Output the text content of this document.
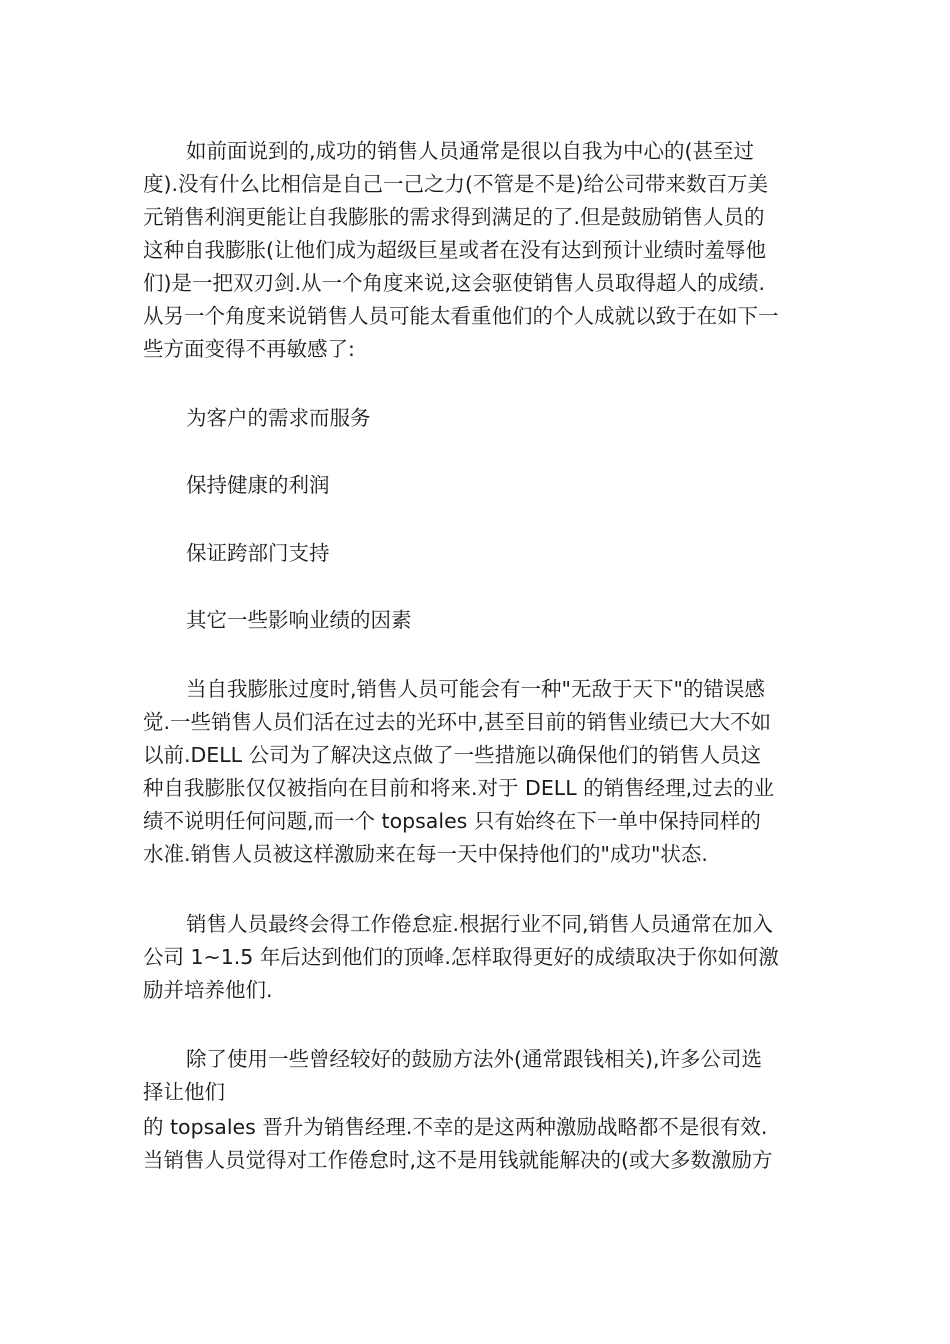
如前面说到的,成功的销售人员通常是很以自我为中心的(甚至过
度).没有什么比相信是自己一己之力(不管是不是)给公司带来数百万美
元销售利润更能让自我膨胀的需求得到满足的了.但是鼓励销售人员的
这种自我膨胀(让他们成为超级巨星或者在没有达到预计业绩时羞辱他
们)是一把双刃剑.从一个角度来说,这会驱使销售人员取得超人的成绩.
从另一个角度来说销售人员可能太看重他们的个人成就以致于在如下一
些方面变得不再敏感了:
为客户的需求而服务
保持健康的利润
保证跨部门支持
其它一些影响业绩的因素
当自我膨胀过度时,销售人员可能会有一种"无敌于天下"的错误感
觉.一些销售人员们活在过去的光环中,甚至目前的销售业绩已大大不如
以前.DELL 公司为了解决这点做了一些措施以确保他们的销售人员这
种自我膨胀仅仅被指向在目前和将来.对于 DELL 的销售经理,过去的业
绩不说明任何问题,而一个 topsales 只有始终在下一单中保持同样的
水准.销售人员被这样激励来在每一天中保持他们的"成功"状态.
销售人员最终会得工作倦怠症.根据行业不同,销售人员通常在加入
公司 1~1.5 年后达到他们的顶峰.怎样取得更好的成绩取决于你如何激
励并培养他们.
除了使用一些曾经较好的鼓励方法外(通常跟钱相关),许多公司选
择让他们
的 topsales 晋升为销售经理.不幸的是这两种激励战略都不是很有效.
当销售人员觉得对工作倦怠时,这不是用钱就能解决的(或大多数激励方
